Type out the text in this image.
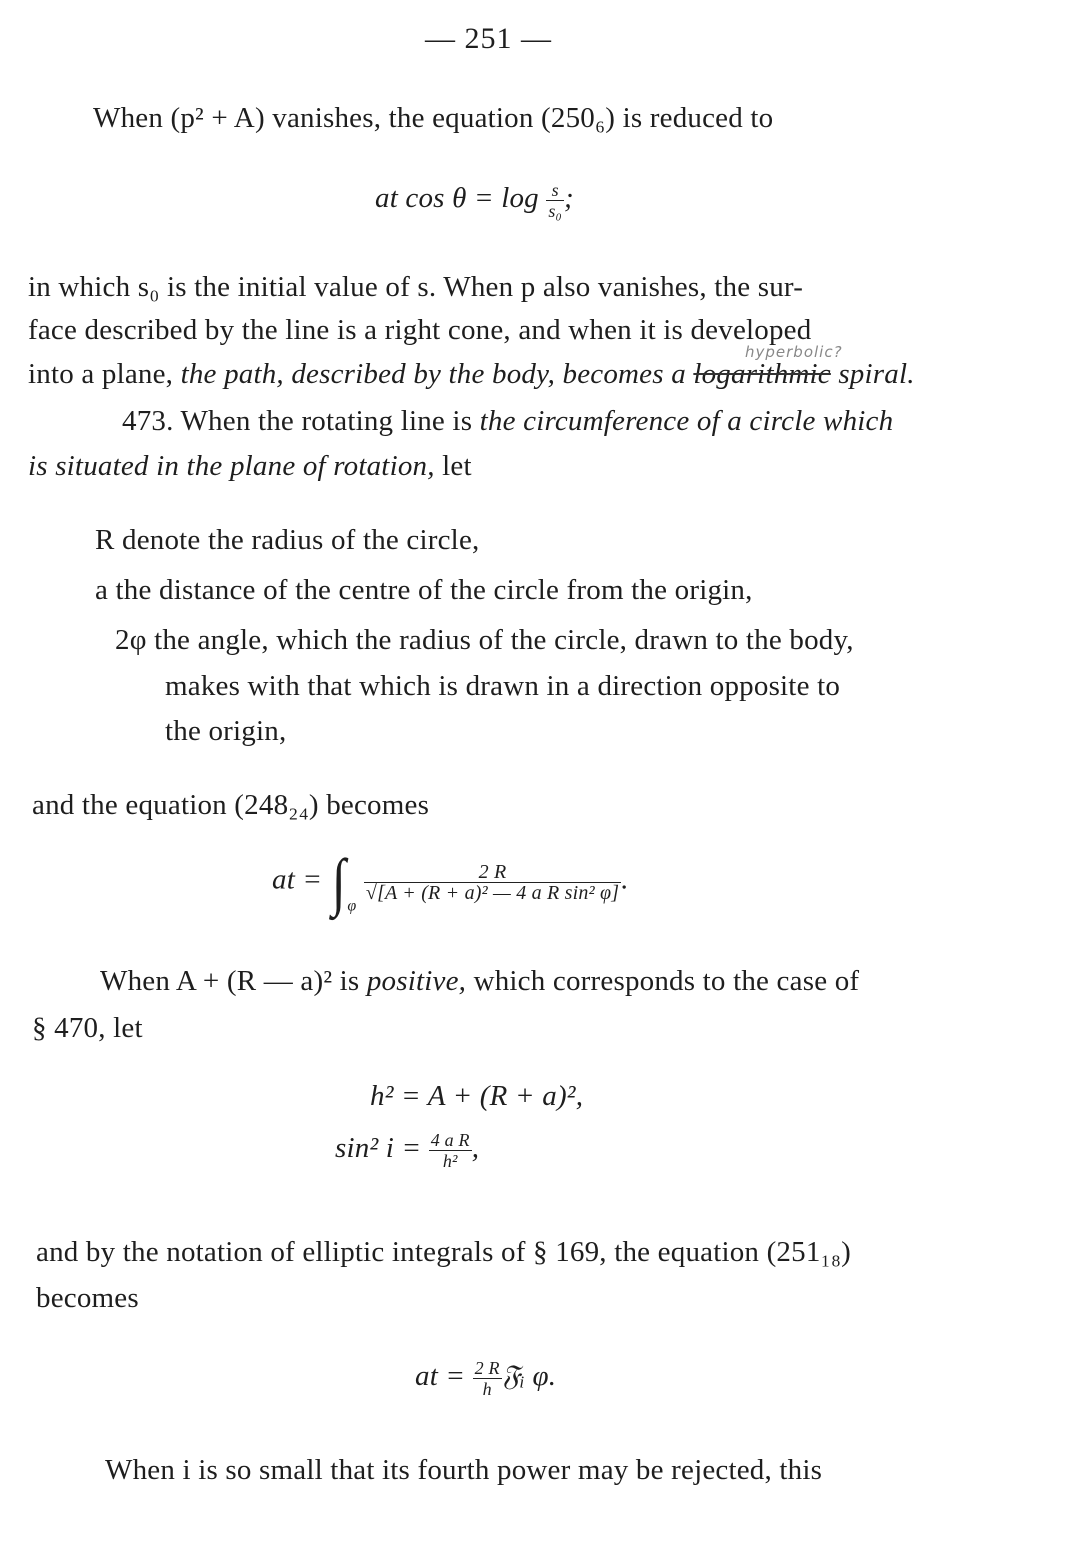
— 251 —
When (p² + A) vanishes, the equation (250₆) is reduced to
at $\cos \theta = \log \frac{s}{\text{s₀}}$ ;
in which s₀ is the initial value of s. When p also vanishes, the sur-
face described by the line is a right cone, and when it is developed
hyperbolic?
into a plane, the path, described by the body, becomes a logarithmic spiral.
473. When the rotating line is the circumference of a circle which
is situated in the plane of rotation, let
R denote the radius of the circle,
a the distance of the centre of the circle from the origin,
2φ the angle, which the radius of the circle, drawn to the body,
makes with that which is drawn in a direction opposite to
the origin,
and the equation (248₂₄) becomes
at = ∫ $_\varphi$
$\frac{2 R}{\text{√[A + (R + a)² — 4 a R sin² φ]}}$ .
When A + (R — a)² is positive, which corresponds to the case of
§ 470, let
h² = A + (R + a)²,
sin² $i = \frac{\text{4 a R}}{\text{h²}}$ ,
and by the notation of elliptic integrals of § 169, the equation (251₁₈)
becomes
at = $\frac{2 R}{h}$ 𝔉ᵢ φ.
When i is so small that its fourth power may be rejected, this
